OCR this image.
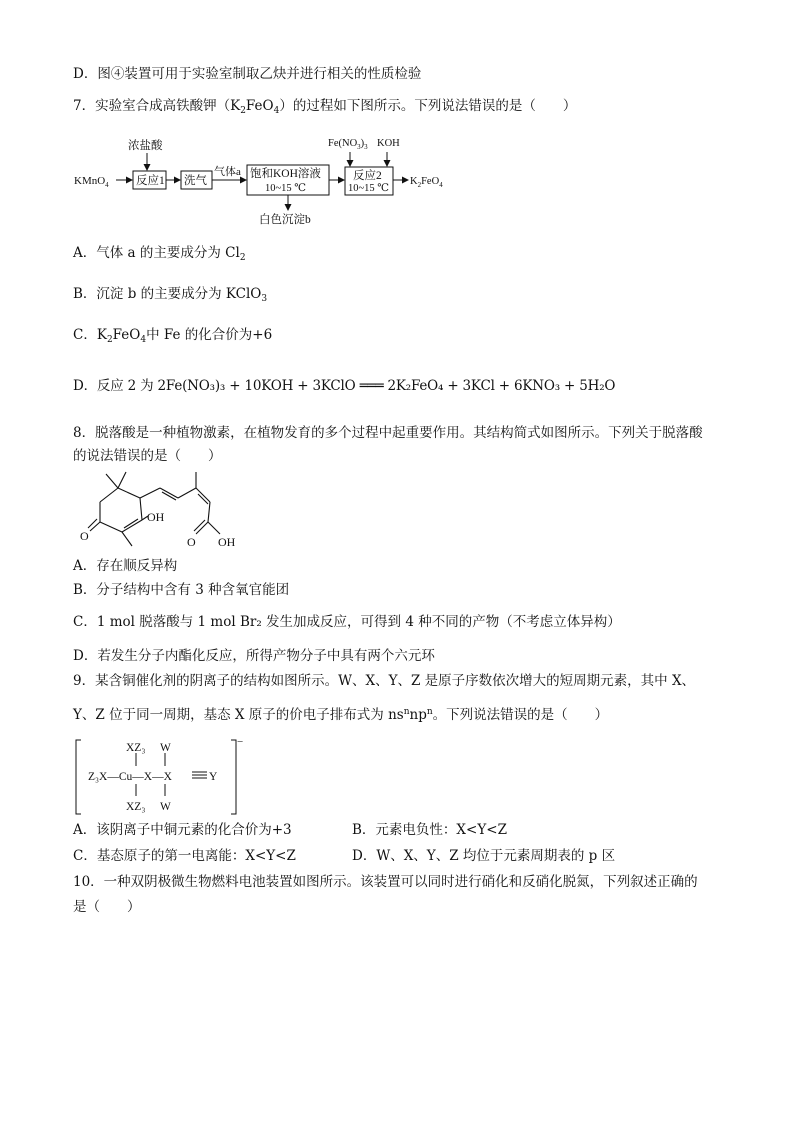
D．图④装置可用于实验室制取乙炔并进行相关的性质检验
7．实验室合成高铁酸钾$(K_2FeO_4)$的过程如下图所示。下列说法错误的是（　　）
KMnO$_4$
浓盐酸
反应1 洗气
气体a 饱和KOH溶液
10~15 ℃
白色沉淀b
$Fe(NO_3)_3$ KOH
反应2
10~15 ℃
$K_2FeO_4$
A．气体 a 的主要成分为 $Cl_2$
B．沉淀 b 的主要成分为 KClO$_3$
C．$K_2FeO_4$中 Fe 的化合价为+6
D．反应 2 为 2Fe(NO₃)₃ + 10KOH + 3KClO ═══ 2K₂FeO₄ + 3KCl + 6KNO₃ + 5H₂O
8．脱落酸是一种植物激素，在植物发育的多个过程中起重要作用。其结构简式如图所示。下列关于脱落酸
的说法错误的是（　　）
O
OH
O OH
A．存在顺反异构
B．分子结构中含有 3 种含氧官能团
C．1 mol 脱落酸与 1 mol Br₂ 发生加成反应，可得到 4 种不同的产物（不考虑立体异构）
D．若发生分子内酯化反应，所得产物分子中具有两个六元环
9．某含铜催化剂的阴离子的结构如图所示。W、X、Y、Z 是原子序数依次增大的短周期元素，其中 X、
Y、Z 位于同一周期，基态 X 原子的价电子排布式为 $ns^nnp^n$。下列说法错误的是（　　）
XZ₃ W
Z₃X—Cu—X—X	Y
XZ₃ W
−
A．该阴离子中铜元素的化合价为+3	B．元素电负性：X<Y<Z
C．基态原子的第一电离能：X<Y<Z	D．W、X、Y、Z 均位于元素周期表的 p 区
10．一种双阴极微生物燃料电池装置如图所示。该装置可以同时进行硝化和反硝化脱氮，下列叙述正确的
是（　　）
